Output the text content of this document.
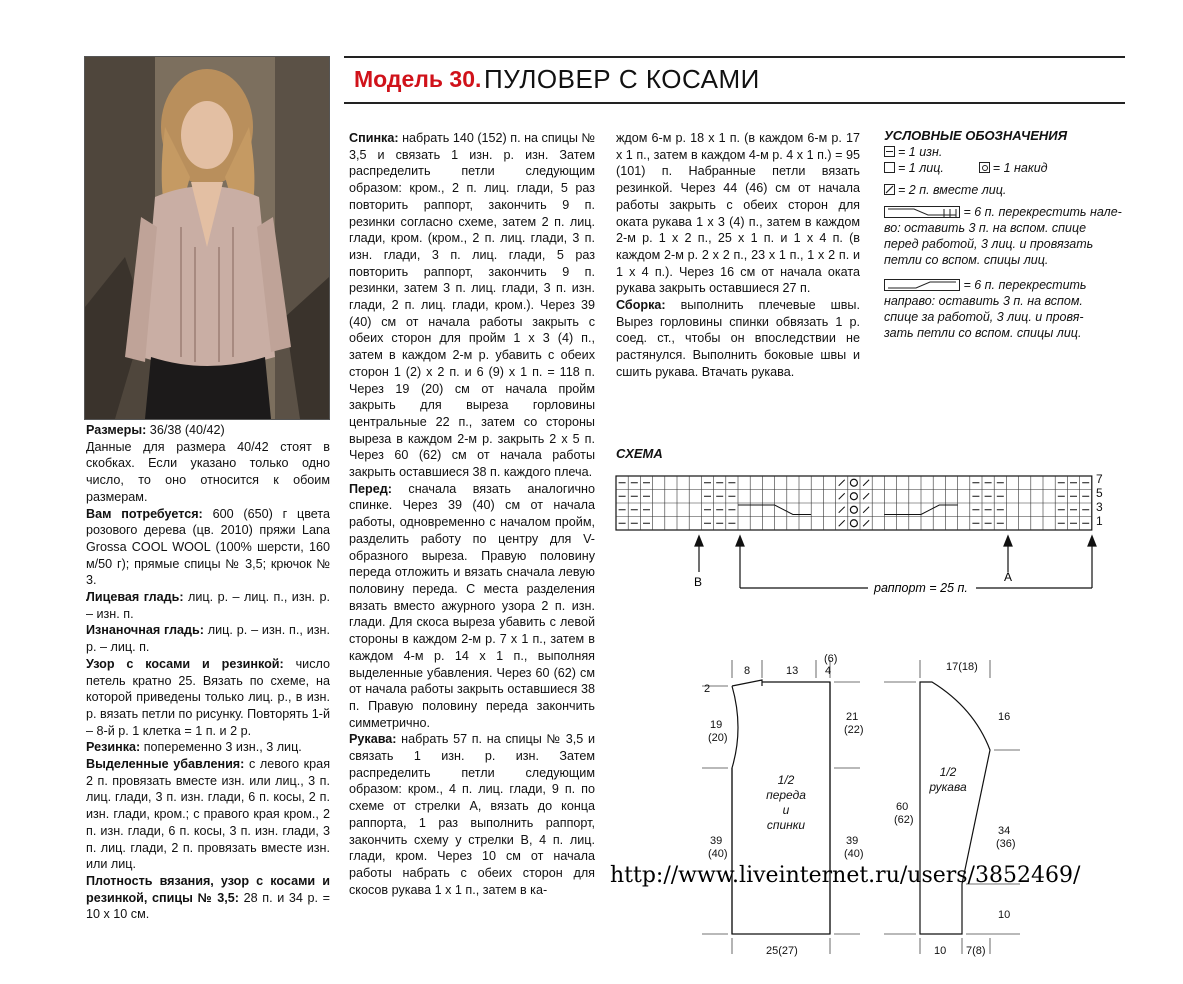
Модель 30. ПУЛОВЕР С КОСАМИ

Размеры: 36/38 (40/42)

Данные для размера 40/42 стоят в скобках. Если указано только одно число, то оно относится к обоим размерам.

Вам потребуется: 600 (650) г цвета розового дерева (цв. 2010) пряжи Lana Grossa COOL WOOL (100% шерсти, 160 м/50 г); прямые спицы № 3,5; крючок № 3.

Лицевая гладь: лиц. р. – лиц. п., изн. р. – изн. п.

Изнаночная гладь: лиц. р. – изн. п., изн. р. – лиц. п.

Узор с косами и резинкой: число петель кратно 25. Вязать по схеме, на которой приведены только лиц. р., в изн. р. вязать петли по рисунку. Повторять 1-й – 8-й р. 1 клетка = 1 п. и 2 р.

Резинка: попеременно 3 изн., 3 лиц.

Выделенные убавления: с левого края 2 п. провязать вместе изн. или лиц., 3 п. лиц. глади, 3 п. изн. глади, 6 п. косы, 2 п. изн. глади, кром.; с правого края кром., 2 п. изн. глади, 6 п. косы, 3 п. изн. глади, 3 п. лиц. глади, 2 п. провязать вместе изн. или лиц.

Плотность вязания, узор с косами и резинкой, спицы № 3,5: 28 п. и 34 р. = 10 х 10 см.

Спинка: набрать 140 (152) п. на спицы № 3,5 и связать 1 изн. р. изн. Затем распределить петли следующим образом: кром., 2 п. лиц. глади, 5 раз повторить раппорт, закончить 9 п. резинки согласно схеме, затем 2 п. лиц. глади, кром. (кром., 2 п. лиц. глади, 3 п. изн. глади, 3 п. лиц. глади, 5 раз повторить раппорт, закончить 9 п. резинки, затем 3 п. лиц. глади, 3 п. изн. глади, 2 п. лиц. глади, кром.). Через 39 (40) см от начала работы закрыть с обеих сторон для пройм 1 х 3 (4) п., затем в каждом 2-м р. убавить с обеих сторон 1 (2) х 2 п. и 6 (9) х 1 п. = 118 п. Через 19 (20) см от начала пройм закрыть для выреза горловины центральные 22 п., затем со стороны выреза в каждом 2-м р. закрыть 2 х 5 п. Через 60 (62) см от начала работы закрыть оставшиеся 38 п. каждого плеча.

Перед: сначала вязать аналогично спинке. Через 39 (40) см от начала работы, одновременно с началом пройм, разделить работу по центру для V-образного выреза. Правую половину переда отложить и вязать сначала левую половину переда. С места разделения вязать вместо ажурного узора 2 п. изн. глади. Для скоса выреза убавить с левой стороны в каждом 2-м р. 7 х 1 п., затем в каждом 4-м р. 14 х 1 п., выполняя выделенные убавления. Через 60 (62) см от начала работы закрыть оставшиеся 38 п. Правую половину переда закончить симметрично.

Рукава: набрать 57 п. на спицы № 3,5 и связать 1 изн. р. изн. Затем распределить петли следующим образом: кром., 4 п. лиц. глади, 9 п. по схеме от стрелки А, вязать до конца раппорта, 1 раз выполнить раппорт, закончить схему у стрелки В, 4 п. лиц. глади, кром. Через 10 см от начала работы набрать с обеих сторон для скосов рукава 1 х 1 п., затем в ка-

ждом 6-м р. 18 х 1 п. (в каждом 6-м р. 17 х 1 п., затем в каждом 4-м р. 4 х 1 п.) = 95 (101) п. Набранные петли вязать резинкой. Через 44 (46) см от начала работы закрыть с обеих сторон для оката рукава 1 х 3 (4) п., затем в каждом 2-м р. 1 х 2 п., 25 х 1 п. и 1 х 4 п. (в каждом 2-м р. 2 х 2 п., 23 х 1 п., 1 х 2 п. и 1 х 4 п.). Через 16 см от начала оката рукава закрыть оставшиеся 27 п.

Сборка: выполнить плечевые швы. Вырез горловины спинки обвязать 1 р. соед. ст., чтобы он впоследствии не растянулся. Выполнить боковые швы и сшить рукава. Втачать рукава.

УСЛОВНЫЕ ОБОЗНАЧЕНИЯ
= 1 изн.
= 1 лиц.	= 1 накид
= 2 п. вместе лиц.
= 6 п. перекрестить нале-
во: оставить 3 п. на вспом. спице
перед работой, 3 лиц. и провязать
петли со вспом. спицы лиц.
= 6 п. перекрестить
направо: оставить 3 п. на вспом.
спице за работой, 3 лиц. и провя-
зать петли со вспом. спицы лиц.
СХЕМА
7
5
3
1
В	А
раппорт = 25 п.
8	13
(6)
4
2
19
(20)
39
(40)
21
(22)
39
(40)
25(27)
1/2
переда
и
спинки
17(18)
16
60
(62)
34
(36)
10
10 7(8)
1/2
рукава
http://www.liveinternet.ru/users/3852469/
